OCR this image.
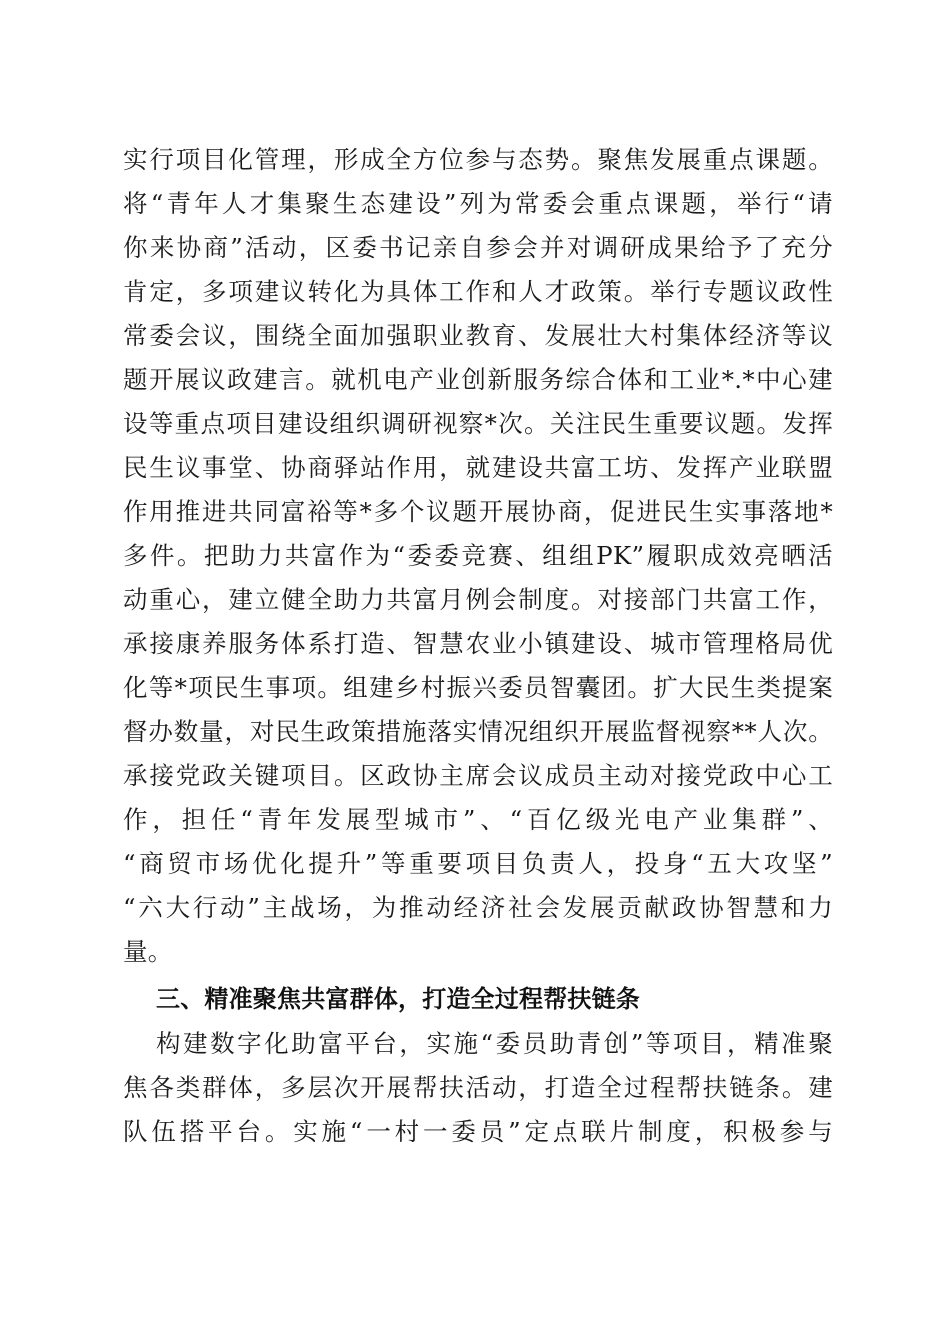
实行项目化管理，形成全方位参与态势。聚焦发展重点课题。
将“青年人才集聚生态建设”列为常委会重点课题，举行“请
你来协商”活动，区委书记亲自参会并对调研成果给予了充分
肯定，多项建议转化为具体工作和人才政策。举行专题议政性
常委会议，围绕全面加强职业教育、发展壮大村集体经济等议
题开展议政建言。就机电产业创新服务综合体和工业*.*中心建
设等重点项目建设组织调研视察*次。关注民生重要议题。发挥
民生议事堂、协商驿站作用，就建设共富工坊、发挥产业联盟
作用推进共同富裕等*多个议题开展协商，促进民生实事落地*
多件。把助力共富作为“委委竞赛、组组PK”履职成效亮晒活
动重心，建立健全助力共富月例会制度。对接部门共富工作，
承接康养服务体系打造、智慧农业小镇建设、城市管理格局优
化等*项民生事项。组建乡村振兴委员智囊团。扩大民生类提案
督办数量，对民生政策措施落实情况组织开展监督视察**人次。
承接党政关键项目。区政协主席会议成员主动对接党政中心工
作，担任“青年发展型城市”、“百亿级光电产业集群”、
“商贸市场优化提升”等重要项目负责人，投身“五大攻坚”
“六大行动”主战场，为推动经济社会发展贡献政协智慧和力
量。
三、精准聚焦共富群体，打造全过程帮扶链条
构建数字化助富平台，实施“委员助青创”等项目，精准聚
焦各类群体，多层次开展帮扶活动，打造全过程帮扶链条。建
队伍搭平台。实施“一村一委员”定点联片制度，积极参与
